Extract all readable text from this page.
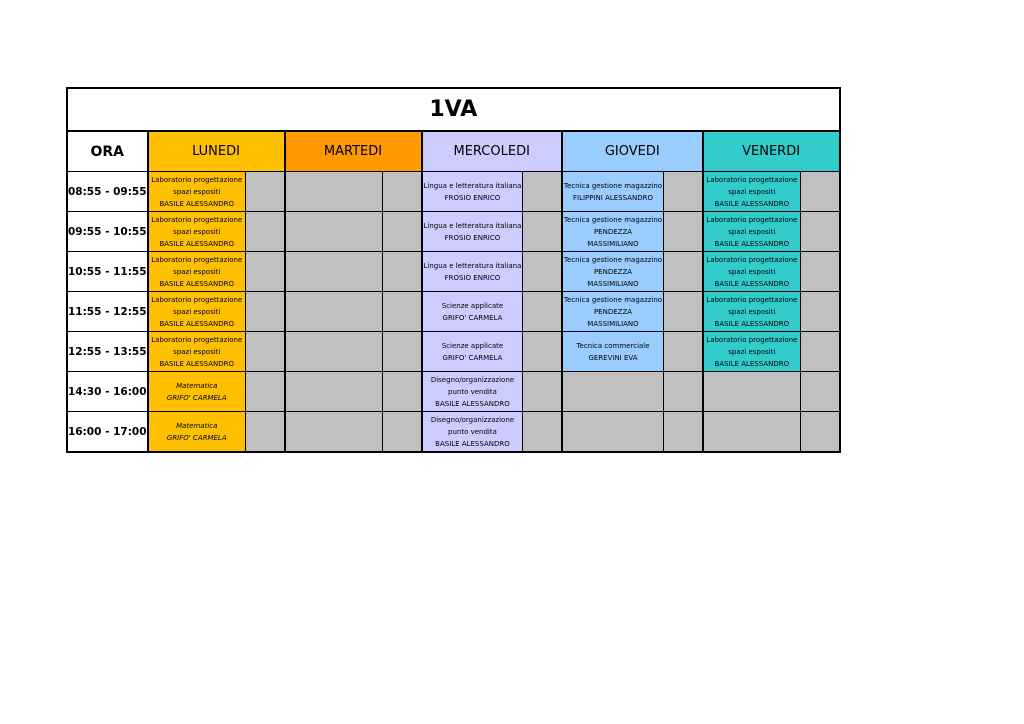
1VA										
ORA	LUNEDI		MARTEDI		MERCOLEDI		GIOVEDI		VENERDI	
08:55 - 09:55	Laboratorio progettazione
spazi espositi
BASILE ALESSANDRO				Lingua e letteratura italiana
FROSIO ENRICO		Tecnica gestione magazzino
FILIPPINI ALESSANDRO		Laboratorio progettazione
spazi espositi
BASILE ALESSANDRO	

09:55 - 10:55	Laboratorio progettazione
spazi espositi
BASILE ALESSANDRO				Lingua e letteratura italiana
FROSIO ENRICO		Tecnica gestione magazzino
PENDEZZA
MASSIMILIANO		Laboratorio progettazione
spazi espositi
BASILE ALESSANDRO	

10:55 - 11:55	Laboratorio progettazione
spazi espositi
BASILE ALESSANDRO				Lingua e letteratura italiana
FROSIO ENRICO		Tecnica gestione magazzino
PENDEZZA
MASSIMILIANO		Laboratorio progettazione
spazi espositi
BASILE ALESSANDRO	

11:55 - 12:55	Laboratorio progettazione
spazi espositi
BASILE ALESSANDRO				Scienze applicate
GRIFO' CARMELA		Tecnica gestione magazzino
PENDEZZA
MASSIMILIANO		Laboratorio progettazione
spazi espositi
BASILE ALESSANDRO	

12:55 - 13:55	Laboratorio progettazione
spazi espositi
BASILE ALESSANDRO				Scienze applicate
GRIFO' CARMELA		Tecnica commerciale
GEREVINI EVA		Laboratorio progettazione
spazi espositi
BASILE ALESSANDRO	

14:30 - 16:00	Matematica
GRIFO' CARMELA				Disegno/organizzazione
punto vendita
BASILE ALESSANDRO					

16:00 - 17:00	Matematica
GRIFO' CARMELA				Disegno/organizzazione
punto vendita
BASILE ALESSANDRO					
